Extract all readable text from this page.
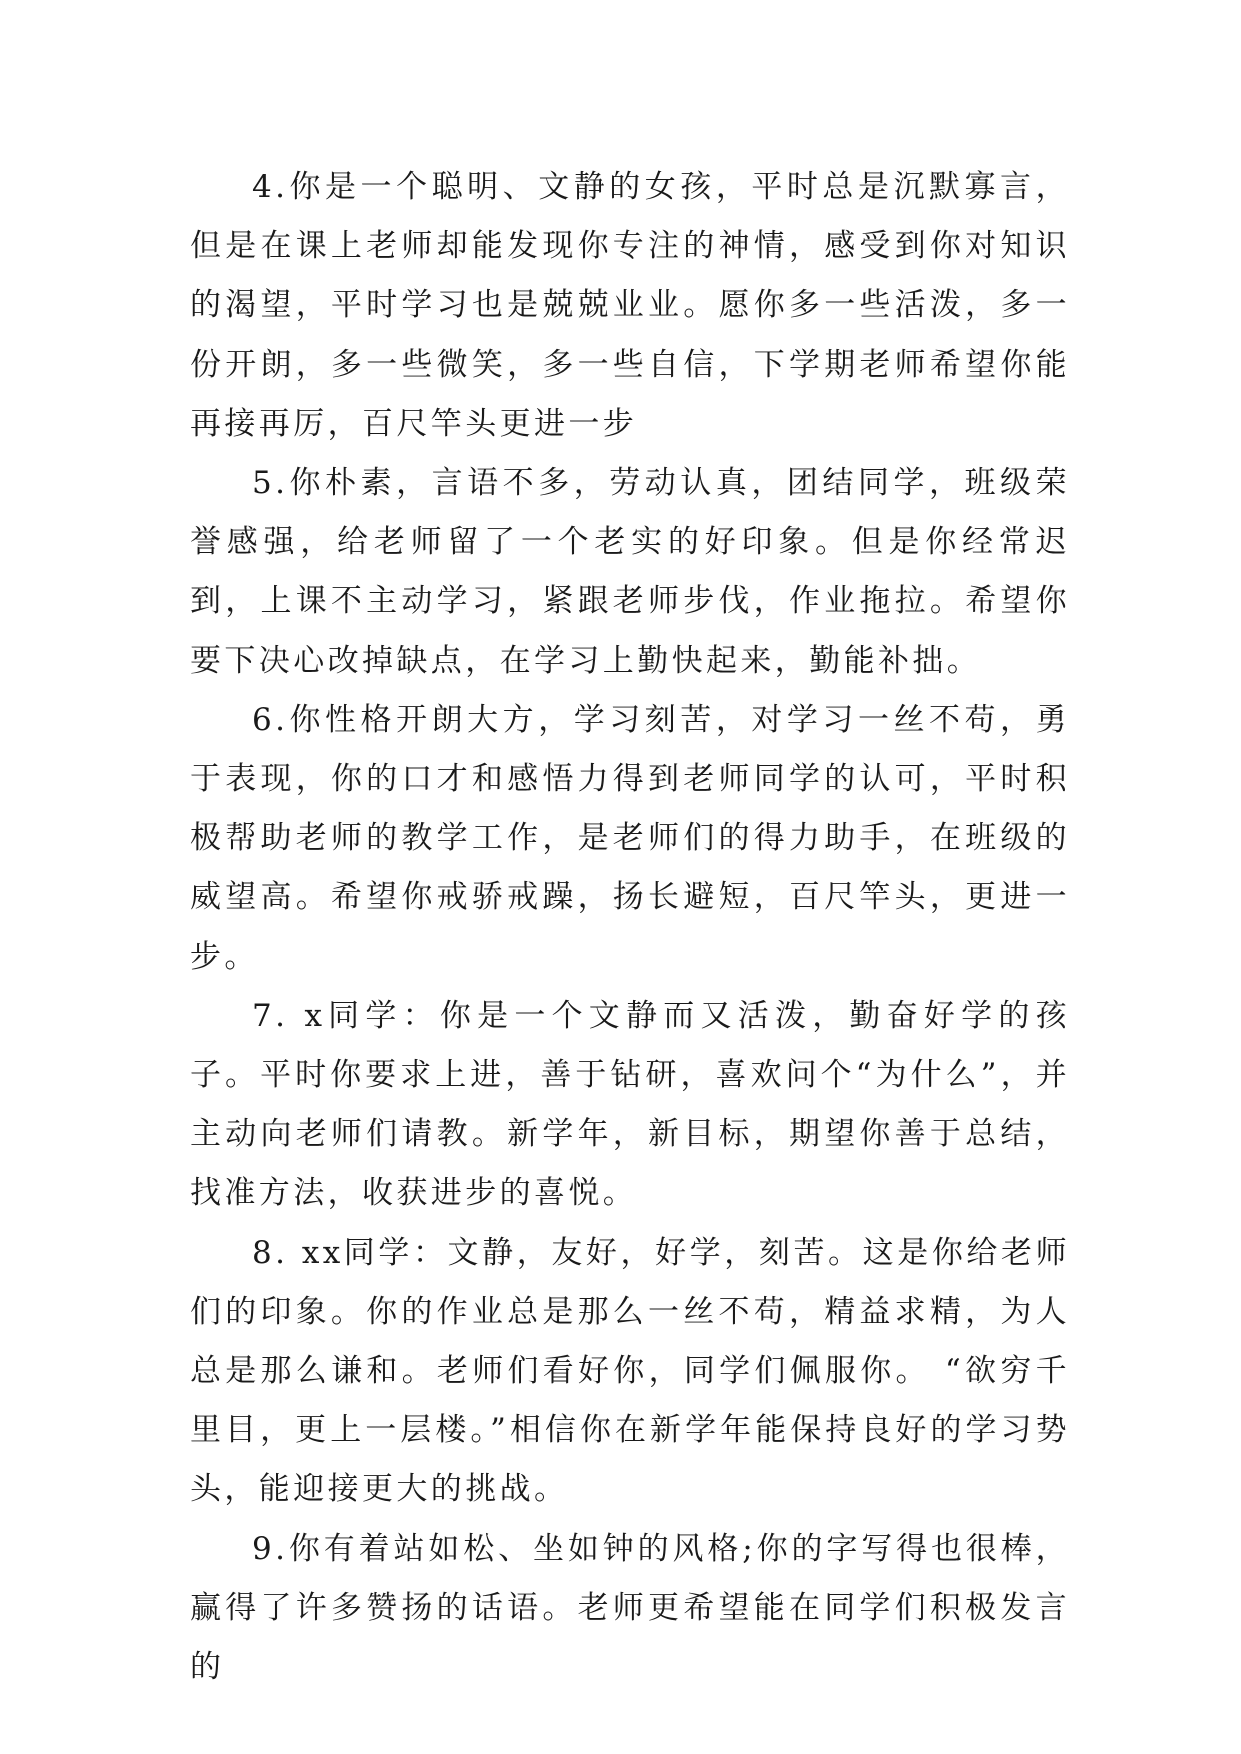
4.你是一个聪明、文静的女孩，平时总是沉默寡言，但是在课上老师却能发现你专注的神情，感受到你对知识的渴望，平时学习也是兢兢业业。愿你多一些活泼，多一份开朗，多一些微笑，多一些自信，下学期老师希望你能再接再厉，百尺竿头更进一步

5.你朴素，言语不多，劳动认真，团结同学，班级荣誉感强，给老师留了一个老实的好印象。但是你经常迟到，上课不主动学习，紧跟老师步伐，作业拖拉。希望你要下决心改掉缺点，在学习上勤快起来，勤能补拙。

6.你性格开朗大方，学习刻苦，对学习一丝不苟，勇于表现，你的口才和感悟力得到老师同学的认可，平时积极帮助老师的教学工作，是老师们的得力助手，在班级的威望高。希望你戒骄戒躁，扬长避短，百尺竿头，更进一步。

7. x同学：你是一个文静而又活泼，勤奋好学的孩子。平时你要求上进，善于钻研，喜欢问个“为什么”，并主动向老师们请教。新学年，新目标，期望你善于总结，找准方法，收获进步的喜悦。

8. xx同学：文静，友好，好学，刻苦。这是你给老师们的印象。你的作业总是那么一丝不苟，精益求精，为人总是那么谦和。老师们看好你，同学们佩服你。 “欲穷千里目，更上一层楼。”相信你在新学年能保持良好的学习势头，能迎接更大的挑战。

9.你有着站如松、坐如钟的风格;你的字写得也很棒，赢得了许多赞扬的话语。老师更希望能在同学们积极发言的
